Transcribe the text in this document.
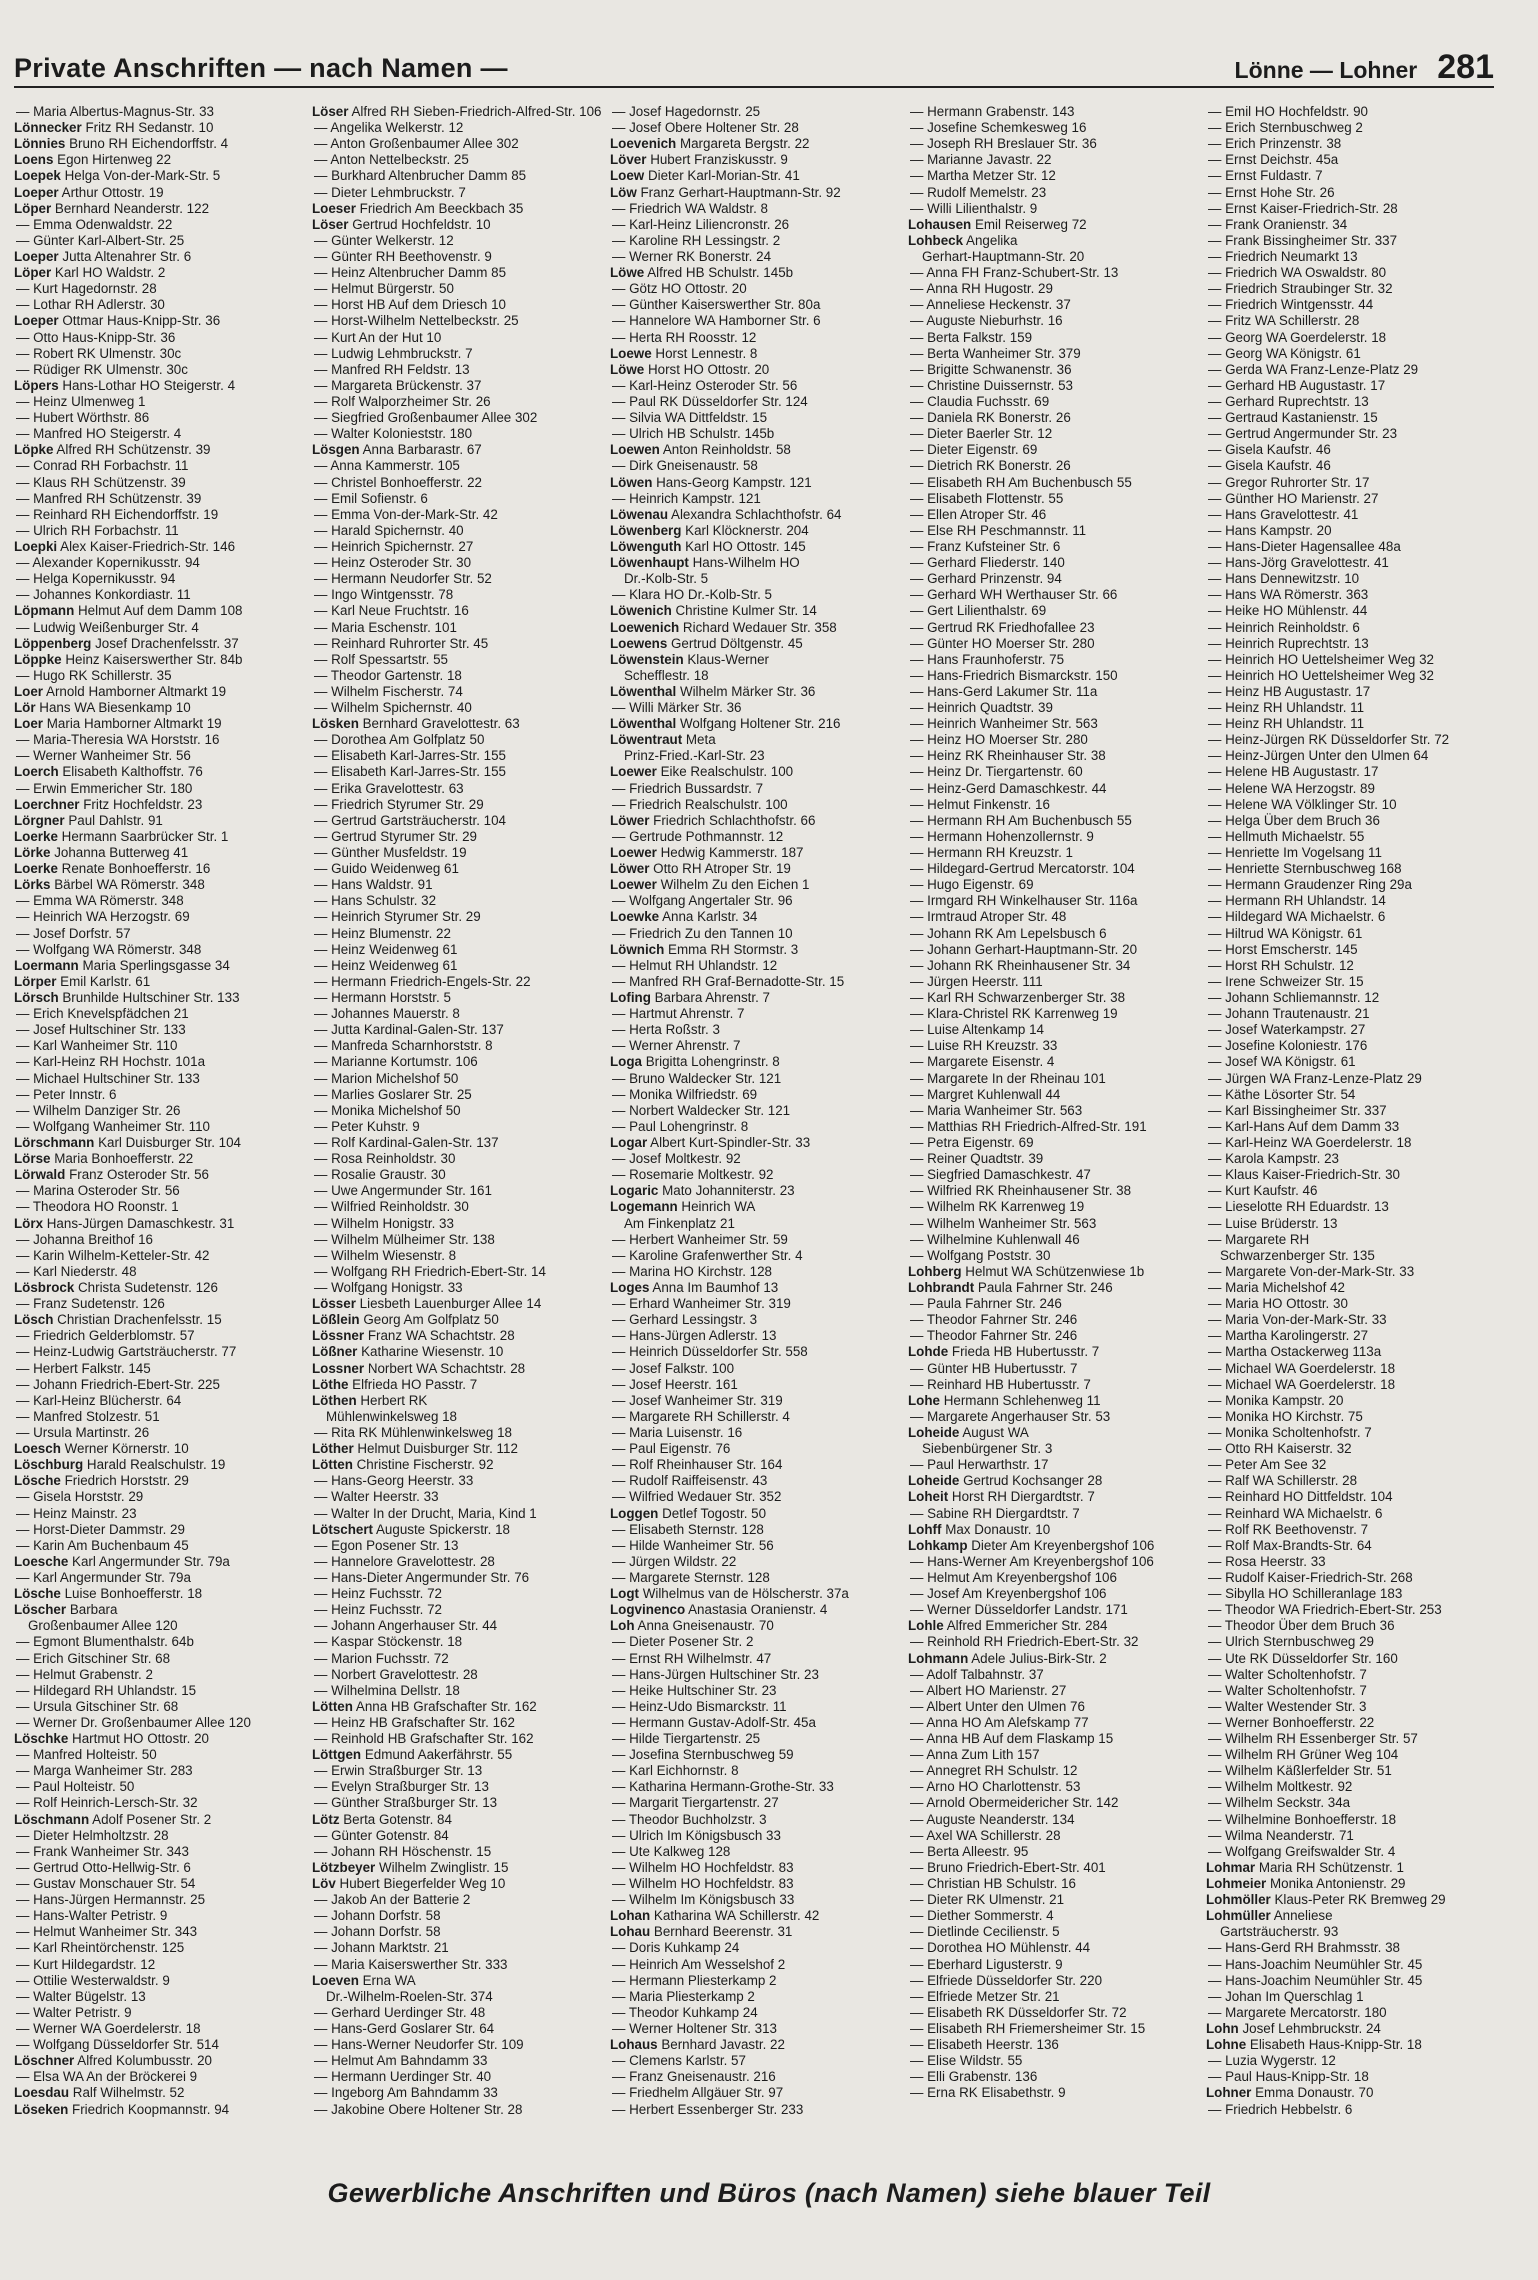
Private Anschriften — nach Namen —	Lönne — Lohner 281
— Maria Albertus-Magnus-Str. 33
Lönnecker Fritz RH Sedanstr. 10
Lönnies Bruno RH Eichendorffstr. 4
Loens Egon Hirtenweg 22
Loepek Helga Von-der-Mark-Str. 5
Loeper Arthur Ottostr. 19
Löper Bernhard Neanderstr. 122
— Emma Odenwaldstr. 22
— Günter Karl-Albert-Str. 25
Loeper Jutta Altenahrer Str. 6
Löper Karl HO Waldstr. 2
— Kurt Hagedornstr. 28
— Lothar RH Adlerstr. 30
Loeper Ottmar Haus-Knipp-Str. 36
— Otto Haus-Knipp-Str. 36
— Robert RK Ulmenstr. 30c
— Rüdiger RK Ulmenstr. 30c
Löpers Hans-Lothar HO Steigerstr. 4
— Heinz Ulmenweg 1
— Hubert Wörthstr. 86
— Manfred HO Steigerstr. 4
Löpke Alfred RH Schützenstr. 39
— Conrad RH Forbachstr. 11
— Klaus RH Schützenstr. 39
— Manfred RH Schützenstr. 39
— Reinhard RH Eichendorffstr. 19
— Ulrich RH Forbachstr. 11
Loepki Alex Kaiser-Friedrich-Str. 146
— Alexander Kopernikusstr. 94
— Helga Kopernikusstr. 94
— Johannes Konkordiastr. 11
Löpmann Helmut Auf dem Damm 108
— Ludwig Weißenburger Str. 4
Löppenberg Josef Drachenfelsstr. 37
Löppke Heinz Kaiserswerther Str. 84b
— Hugo RK Schillerstr. 35
Loer Arnold Hamborner Altmarkt 19
Lör Hans WA Biesenkamp 10
Loer Maria Hamborner Altmarkt 19
— Maria-Theresia WA Horststr. 16
— Werner Wanheimer Str. 56
Loerch Elisabeth Kalthoffstr. 76
— Erwin Emmericher Str. 180
Loerchner Fritz Hochfeldstr. 23
Lörgner Paul Dahlstr. 91
Loerke Hermann Saarbrücker Str. 1
Lörke Johanna Butterweg 41
Loerke Renate Bonhoefferstr. 16
Lörks Bärbel WA Römerstr. 348
— Emma WA Römerstr. 348
— Heinrich WA Herzogstr. 69
— Josef Dorfstr. 57
— Wolfgang WA Römerstr. 348
Loermann Maria Sperlingsgasse 34
Lörper Emil Karlstr. 61
Lörsch Brunhilde Hultschiner Str. 133
— Erich Knevelspfädchen 21
— Josef Hultschiner Str. 133
— Karl Wanheimer Str. 110
— Karl-Heinz RH Hochstr. 101a
— Michael Hultschiner Str. 133
— Peter Innstr. 6
— Wilhelm Danziger Str. 26
— Wolfgang Wanheimer Str. 110
Lörschmann Karl Duisburger Str. 104
Lörse Maria Bonhoefferstr. 22
Lörwald Franz Osteroder Str. 56
— Marina Osteroder Str. 56
— Theodora HO Roonstr. 1
Lörx Hans-Jürgen Damaschkestr. 31
— Johanna Breithof 16
— Karin Wilhelm-Ketteler-Str. 42
— Karl Niederstr. 48
Lösbrock Christa Sudetenstr. 126
— Franz Sudetenstr. 126
Lösch Christian Drachenfelsstr. 15
— Friedrich Gelderblomstr. 57
— Heinz-Ludwig Gartsträucherstr. 77
— Herbert Falkstr. 145
— Johann Friedrich-Ebert-Str. 225
— Karl-Heinz Blücherstr. 64
— Manfred Stolzestr. 51
— Ursula Martinstr. 26
Loesch Werner Körnerstr. 10
Löschburg Harald Realschulstr. 19
Lösche Friedrich Horststr. 29
— Gisela Horststr. 29
— Heinz Mainstr. 23
— Horst-Dieter Dammstr. 29
— Karin Am Buchenbaum 45
Loesche Karl Angermunder Str. 79a
— Karl Angermunder Str. 79a
Lösche Luise Bonhoefferstr. 18
Löscher Barbara
Großenbaumer Allee 120
— Egmont Blumenthalstr. 64b
— Erich Gitschiner Str. 68
— Helmut Grabenstr. 2
— Hildegard RH Uhlandstr. 15
— Ursula Gitschiner Str. 68
— Werner Dr. Großenbaumer Allee 120
Löschke Hartmut HO Ottostr. 20
— Manfred Holteistr. 50
— Marga Wanheimer Str. 283
— Paul Holteistr. 50
— Rolf Heinrich-Lersch-Str. 32
Löschmann Adolf Posener Str. 2
— Dieter Helmholtzstr. 28
— Frank Wanheimer Str. 343
— Gertrud Otto-Hellwig-Str. 6
— Gustav Monschauer Str. 54
— Hans-Jürgen Hermannstr. 25
— Hans-Walter Petristr. 9
— Helmut Wanheimer Str. 343
— Karl Rheintörchenstr. 125
— Kurt Hildegardstr. 12
— Ottilie Westerwaldstr. 9
— Walter Bügelstr. 13
— Walter Petristr. 9
— Werner WA Goerdelerstr. 18
— Wolfgang Düsseldorfer Str. 514
Löschner Alfred Kolumbusstr. 20
— Elsa WA An der Bröckerei 9
Loesdau Ralf Wilhelmstr. 52
Löseken Friedrich Koopmannstr. 94
Löser Alfred RH Sieben-Friedrich-Alfred-Str. 106
— Angelika Welkerstr. 12
— Anton Großenbaumer Allee 302
— Anton Nettelbeckstr. 25
— Burkhard Altenbrucher Damm 85
— Dieter Lehmbruckstr. 7
Loeser Friedrich Am Beeckbach 35
Löser Gertrud Hochfeldstr. 10
— Günter Welkerstr. 12
— Günter RH Beethovenstr. 9
— Heinz Altenbrucher Damm 85
— Helmut Bürgerstr. 50
— Horst HB Auf dem Driesch 10
— Horst-Wilhelm Nettelbeckstr. 25
— Kurt An der Hut 10
— Ludwig Lehmbruckstr. 7
— Manfred RH Feldstr. 13
— Margareta Brückenstr. 37
— Rolf Walporzheimer Str. 26
— Siegfried Großenbaumer Allee 302
— Walter Kolonieststr. 180
Lösgen Anna Barbarastr. 67
— Anna Kammerstr. 105
— Christel Bonhoefferstr. 22
— Emil Sofienstr. 6
— Emma Von-der-Mark-Str. 42
— Harald Spichernstr. 40
— Heinrich Spichernstr. 27
— Heinz Osteroder Str. 30
— Hermann Neudorfer Str. 52
— Ingo Wintgensstr. 78
— Karl Neue Fruchtstr. 16
— Maria Eschenstr. 101
— Reinhard Ruhrorter Str. 45
— Rolf Spessartstr. 55
— Theodor Gartenstr. 18
— Wilhelm Fischerstr. 74
— Wilhelm Spichernstr. 40
Lösken Bernhard Gravelottestr. 63
— Dorothea Am Golfplatz 50
— Elisabeth Karl-Jarres-Str. 155
— Elisabeth Karl-Jarres-Str. 155
— Erika Gravelottestr. 63
— Friedrich Styrumer Str. 29
— Gertrud Gartsträucherstr. 104
— Gertrud Styrumer Str. 29
— Günther Musfeldstr. 19
— Guido Weidenweg 61
— Hans Waldstr. 91
— Hans Schulstr. 32
— Heinrich Styrumer Str. 29
— Heinz Blumenstr. 22
— Heinz Weidenweg 61
— Heinz Weidenweg 61
— Hermann Friedrich-Engels-Str. 22
— Hermann Horststr. 5
— Johannes Mauerstr. 8
— Jutta Kardinal-Galen-Str. 137
— Manfreda Scharnhorststr. 8
— Marianne Kortumstr. 106
— Marion Michelshof 50
— Marlies Goslarer Str. 25
— Monika Michelshof 50
— Peter Kuhstr. 9
— Rolf Kardinal-Galen-Str. 137
— Rosa Reinholdstr. 30
— Rosalie Graustr. 30
— Uwe Angermunder Str. 161
— Wilfried Reinholdstr. 30
— Wilhelm Honigstr. 33
— Wilhelm Mülheimer Str. 138
— Wilhelm Wiesenstr. 8
— Wolfgang RH Friedrich-Ebert-Str. 14
— Wolfgang Honigstr. 33
Lösser Liesbeth Lauenburger Allee 14
Lößlein Georg Am Golfplatz 50
Lössner Franz WA Schachtstr. 28
Lößner Katharine Wiesenstr. 10
Lossner Norbert WA Schachtstr. 28
Löthe Elfrieda HO Passtr. 7
Löthen Herbert RK
Mühlenwinkelsweg 18
— Rita RK Mühlenwinkelsweg 18
Löther Helmut Duisburger Str. 112
Lötten Christine Fischerstr. 92
— Hans-Georg Heerstr. 33
— Walter Heerstr. 33
— Walter In der Drucht, Maria, Kind 1
Lötschert Auguste Spickerstr. 18
— Egon Posener Str. 13
— Hannelore Gravelottestr. 28
— Hans-Dieter Angermunder Str. 76
— Heinz Fuchsstr. 72
— Heinz Fuchsstr. 72
— Johann Angerhauser Str. 44
— Kaspar Stöckenstr. 18
— Marion Fuchsstr. 72
— Norbert Gravelottestr. 28
— Wilhelmina Dellstr. 18
Lötten Anna HB Grafschafter Str. 162
— Heinz HB Grafschafter Str. 162
— Reinhold HB Grafschafter Str. 162
Löttgen Edmund Aakerfährstr. 55
— Erwin Straßburger Str. 13
— Evelyn Straßburger Str. 13
— Günther Straßburger Str. 13
Lötz Berta Gotenstr. 84
— Günter Gotenstr. 84
— Johann RH Höschenstr. 15
Lötzbeyer Wilhelm Zwinglistr. 15
Löv Hubert Biegerfelder Weg 10
— Jakob An der Batterie 2
— Johann Dorfstr. 58
— Johann Dorfstr. 58
— Johann Marktstr. 21
— Maria Kaiserswerther Str. 333
Loeven Erna WA
Dr.-Wilhelm-Roelen-Str. 374
— Gerhard Uerdinger Str. 48
— Hans-Gerd Goslarer Str. 64
— Hans-Werner Neudorfer Str. 109
— Helmut Am Bahndamm 33
— Hermann Uerdinger Str. 40
— Ingeborg Am Bahndamm 33
— Jakobine Obere Holtener Str. 28
— Josef Hagedornstr. 25
— Josef Obere Holtener Str. 28
Loevenich Margareta Bergstr. 22
Löver Hubert Franziskusstr. 9
Loew Dieter Karl-Morian-Str. 41
Löw Franz Gerhart-Hauptmann-Str. 92
— Friedrich WA Waldstr. 8
— Karl-Heinz Liliencronstr. 26
— Karoline RH Lessingstr. 2
— Werner RK Bonerstr. 24
Löwe Alfred HB Schulstr. 145b
— Götz HO Ottostr. 20
— Günther Kaiserswerther Str. 80a
— Hannelore WA Hamborner Str. 6
— Herta RH Roosstr. 12
Loewe Horst Lennestr. 8
Löwe Horst HO Ottostr. 20
— Karl-Heinz Osteroder Str. 56
— Paul RK Düsseldorfer Str. 124
— Silvia WA Dittfeldstr. 15
— Ulrich HB Schulstr. 145b
Loewen Anton Reinholdstr. 58
— Dirk Gneisenaustr. 58
Löwen Hans-Georg Kampstr. 121
— Heinrich Kampstr. 121
Löwenau Alexandra Schlachthofstr. 64
Löwenberg Karl Klöcknerstr. 204
Löwenguth Karl HO Ottostr. 145
Löwenhaupt Hans-Wilhelm HO
Dr.-Kolb-Str. 5
— Klara HO Dr.-Kolb-Str. 5
Löwenich Christine Kulmer Str. 14
Loewenich Richard Wedauer Str. 358
Loewens Gertrud Döltgenstr. 45
Löwenstein Klaus-Werner
Schefflestr. 18
Löwenthal Wilhelm Märker Str. 36
— Willi Märker Str. 36
Löwenthal Wolfgang Holtener Str. 216
Löwentraut Meta
Prinz-Fried.-Karl-Str. 23
Loewer Eike Realschulstr. 100
— Friedrich Bussardstr. 7
— Friedrich Realschulstr. 100
Löwer Friedrich Schlachthofstr. 66
— Gertrude Pothmannstr. 12
Loewer Hedwig Kammerstr. 187
Löwer Otto RH Atroper Str. 19
Loewer Wilhelm Zu den Eichen 1
— Wolfgang Angertaler Str. 96
Loewke Anna Karlstr. 34
— Friedrich Zu den Tannen 10
Löwnich Emma RH Stormstr. 3
— Helmut RH Uhlandstr. 12
— Manfred RH Graf-Bernadotte-Str. 15
Lofing Barbara Ahrenstr. 7
— Hartmut Ahrenstr. 7
— Herta Roßstr. 3
— Werner Ahrenstr. 7
Loga Brigitta Lohengrinstr. 8
— Bruno Waldecker Str. 121
— Monika Wilfriedstr. 69
— Norbert Waldecker Str. 121
— Paul Lohengrinstr. 8
Logar Albert Kurt-Spindler-Str. 33
— Josef Moltkestr. 92
— Rosemarie Moltkestr. 92
Logaric Mato Johanniterstr. 23
Logemann Heinrich WA
Am Finkenplatz 21
— Herbert Wanheimer Str. 59
— Karoline Grafenwerther Str. 4
— Marina HO Kirchstr. 128
Loges Anna Im Baumhof 13
— Erhard Wanheimer Str. 319
— Gerhard Lessingstr. 3
— Hans-Jürgen Adlerstr. 13
— Heinrich Düsseldorfer Str. 558
— Josef Falkstr. 100
— Josef Heerstr. 161
— Josef Wanheimer Str. 319
— Margarete RH Schillerstr. 4
— Maria Luisenstr. 16
— Paul Eigenstr. 76
— Rolf Rheinhauser Str. 164
— Rudolf Raiffeisenstr. 43
— Wilfried Wedauer Str. 352
Loggen Detlef Togostr. 50
— Elisabeth Sternstr. 128
— Hilde Wanheimer Str. 56
— Jürgen Wildstr. 22
— Margarete Sternstr. 128
Logt Wilhelmus van de Hölscherstr. 37a
Logvinenco Anastasia Oranienstr. 4
Loh Anna Gneisenaustr. 70
— Dieter Posener Str. 2
— Ernst RH Wilhelmstr. 47
— Hans-Jürgen Hultschiner Str. 23
— Heike Hultschiner Str. 23
— Heinz-Udo Bismarckstr. 11
— Hermann Gustav-Adolf-Str. 45a
— Hilde Tiergartenstr. 25
— Josefina Sternbuschweg 59
— Karl Eichhornstr. 8
— Katharina Hermann-Grothe-Str. 33
— Margarit Tiergartenstr. 27
— Theodor Buchholzstr. 3
— Ulrich Im Königsbusch 33
— Ute Kalkweg 128
— Wilhelm HO Hochfeldstr. 83
— Wilhelm HO Hochfeldstr. 83
— Wilhelm Im Königsbusch 33
Lohan Katharina WA Schillerstr. 42
Lohau Bernhard Beerenstr. 31
— Doris Kuhkamp 24
— Heinrich Am Wesselshof 2
— Hermann Pliesterkamp 2
— Maria Pliesterkamp 2
— Theodor Kuhkamp 24
— Werner Holtener Str. 313
Lohaus Bernhard Javastr. 22
— Clemens Karlstr. 57
— Franz Gneisenaustr. 216
— Friedhelm Allgäuer Str. 97
— Herbert Essenberger Str. 233
— Hermann Grabenstr. 143
— Josefine Schemkesweg 16
— Joseph RH Breslauer Str. 36
— Marianne Javastr. 22
— Martha Metzer Str. 12
— Rudolf Memelstr. 23
— Willi Lilienthalstr. 9
Lohausen Emil Reiserweg 72
Lohbeck Angelika
Gerhart-Hauptmann-Str. 20
— Anna FH Franz-Schubert-Str. 13
— Anna RH Hugostr. 29
— Anneliese Heckenstr. 37
— Auguste Nieburhstr. 16
— Berta Falkstr. 159
— Berta Wanheimer Str. 379
— Brigitte Schwanenstr. 36
— Christine Duissernstr. 53
— Claudia Fuchsstr. 69
— Daniela RK Bonerstr. 26
— Dieter Baerler Str. 12
— Dieter Eigenstr. 69
— Dietrich RK Bonerstr. 26
— Elisabeth RH Am Buchenbusch 55
— Elisabeth Flottenstr. 55
— Ellen Atroper Str. 46
— Else RH Peschmannstr. 11
— Franz Kufsteiner Str. 6
— Gerhard Fliederstr. 140
— Gerhard Prinzenstr. 94
— Gerhard WH Werthauser Str. 66
— Gert Lilienthalstr. 69
— Gertrud RK Friedhofallee 23
— Günter HO Moerser Str. 280
— Hans Fraunhoferstr. 75
— Hans-Friedrich Bismarckstr. 150
— Hans-Gerd Lakumer Str. 11a
— Heinrich Quadtstr. 39
— Heinrich Wanheimer Str. 563
— Heinz HO Moerser Str. 280
— Heinz RK Rheinhauser Str. 38
— Heinz Dr. Tiergartenstr. 60
— Heinz-Gerd Damaschkestr. 44
— Helmut Finkenstr. 16
— Hermann RH Am Buchenbusch 55
— Hermann Hohenzollernstr. 9
— Hermann RH Kreuzstr. 1
— Hildegard-Gertrud Mercatorstr. 104
— Hugo Eigenstr. 69
— Irmgard RH Winkelhauser Str. 116a
— Irmtraud Atroper Str. 48
— Johann RK Am Lepelsbusch 6
— Johann Gerhart-Hauptmann-Str. 20
— Johann RK Rheinhausener Str. 34
— Jürgen Heerstr. 111
— Karl RH Schwarzenberger Str. 38
— Klara-Christel RK Karrenweg 19
— Luise Altenkamp 14
— Luise RH Kreuzstr. 33
— Margarete Eisenstr. 4
— Margarete In der Rheinau 101
— Margret Kuhlenwall 44
— Maria Wanheimer Str. 563
— Matthias RH Friedrich-Alfred-Str. 191
— Petra Eigenstr. 69
— Reiner Quadtstr. 39
— Siegfried Damaschkestr. 47
— Wilfried RK Rheinhausener Str. 38
— Wilhelm RK Karrenweg 19
— Wilhelm Wanheimer Str. 563
— Wilhelmine Kuhlenwall 46
— Wolfgang Poststr. 30
Lohberg Helmut WA Schützenwiese 1b
Lohbrandt Paula Fahrner Str. 246
— Paula Fahrner Str. 246
— Theodor Fahrner Str. 246
— Theodor Fahrner Str. 246
Lohde Frieda HB Hubertusstr. 7
— Günter HB Hubertusstr. 7
— Reinhard HB Hubertusstr. 7
Lohe Hermann Schlehenweg 11
— Margarete Angerhauser Str. 53
Loheide August WA
Siebenbürgener Str. 3
— Paul Herwarthstr. 17
Loheide Gertrud Kochsanger 28
Loheit Horst RH Diergardtstr. 7
— Sabine RH Diergardtstr. 7
Lohff Max Donaustr. 10
Lohkamp Dieter Am Kreyenbergshof 106
— Hans-Werner Am Kreyenbergshof 106
— Helmut Am Kreyenbergshof 106
— Josef Am Kreyenbergshof 106
— Werner Düsseldorfer Landstr. 171
Lohle Alfred Emmericher Str. 284
— Reinhold RH Friedrich-Ebert-Str. 32
Lohmann Adele Julius-Birk-Str. 2
— Adolf Talbahnstr. 37
— Albert HO Marienstr. 27
— Albert Unter den Ulmen 76
— Anna HO Am Alefskamp 77
— Anna HB Auf dem Flaskamp 15
— Anna Zum Lith 157
— Annegret RH Schulstr. 12
— Arno HO Charlottenstr. 53
— Arnold Obermeidericher Str. 142
— Auguste Neanderstr. 134
— Axel WA Schillerstr. 28
— Berta Alleestr. 95
— Bruno Friedrich-Ebert-Str. 401
— Christian HB Schulstr. 16
— Dieter RK Ulmenstr. 21
— Diether Sommerstr. 4
— Dietlinde Cecilienstr. 5
— Dorothea HO Mühlenstr. 44
— Eberhard Ligusterstr. 9
— Elfriede Düsseldorfer Str. 220
— Elfriede Metzer Str. 21
— Elisabeth RK Düsseldorfer Str. 72
— Elisabeth RH Friemersheimer Str. 15
— Elisabeth Heerstr. 136
— Elise Wildstr. 55
— Elli Grabenstr. 136
— Erna RK Elisabethstr. 9
— Emil HO Hochfeldstr. 90
— Erich Sternbuschweg 2
— Erich Prinzenstr. 38
— Ernst Deichstr. 45a
— Ernst Fuldastr. 7
— Ernst Hohe Str. 26
— Ernst Kaiser-Friedrich-Str. 28
— Frank Oranienstr. 34
— Frank Bissingheimer Str. 337
— Friedrich Neumarkt 13
— Friedrich WA Oswaldstr. 80
— Friedrich Straubinger Str. 32
— Friedrich Wintgensstr. 44
— Fritz WA Schillerstr. 28
— Georg WA Goerdelerstr. 18
— Georg WA Königstr. 61
— Gerda WA Franz-Lenze-Platz 29
— Gerhard HB Augustastr. 17
— Gerhard Ruprechtstr. 13
— Gertraud Kastanienstr. 15
— Gertrud Angermunder Str. 23
— Gisela Kaufstr. 46
— Gisela Kaufstr. 46
— Gregor Ruhrorter Str. 17
— Günther HO Marienstr. 27
— Hans Gravelottestr. 41
— Hans Kampstr. 20
— Hans-Dieter Hagensallee 48a
— Hans-Jörg Gravelottestr. 41
— Hans Dennewitzstr. 10
— Hans WA Römerstr. 363
— Heike HO Mühlenstr. 44
— Heinrich Reinholdstr. 6
— Heinrich Ruprechtstr. 13
— Heinrich HO Uettelsheimer Weg 32
— Heinrich HO Uettelsheimer Weg 32
— Heinz HB Augustastr. 17
— Heinz RH Uhlandstr. 11
— Heinz RH Uhlandstr. 11
— Heinz-Jürgen RK Düsseldorfer Str. 72
— Heinz-Jürgen Unter den Ulmen 64
— Helene HB Augustastr. 17
— Helene WA Herzogstr. 89
— Helene WA Völklinger Str. 10
— Helga Über dem Bruch 36
— Hellmuth Michaelstr. 55
— Henriette Im Vogelsang 11
— Henriette Sternbuschweg 168
— Hermann Graudenzer Ring 29a
— Hermann RH Uhlandstr. 14
— Hildegard WA Michaelstr. 6
— Hiltrud WA Königstr. 61
— Horst Emscherstr. 145
— Horst RH Schulstr. 12
— Irene Schweizer Str. 15
— Johann Schliemannstr. 12
— Johann Trautenaustr. 21
— Josef Waterkampstr. 27
— Josefine Koloniestr. 176
— Josef WA Königstr. 61
— Jürgen WA Franz-Lenze-Platz 29
— Käthe Lösorter Str. 54
— Karl Bissingheimer Str. 337
— Karl-Hans Auf dem Damm 33
— Karl-Heinz WA Goerdelerstr. 18
— Karola Kampstr. 23
— Klaus Kaiser-Friedrich-Str. 30
— Kurt Kaufstr. 46
— Lieselotte RH Eduardstr. 13
— Luise Brüderstr. 13
— Margarete RH
Schwarzenberger Str. 135
— Margarete Von-der-Mark-Str. 33
— Maria Michelshof 42
— Maria HO Ottostr. 30
— Maria Von-der-Mark-Str. 33
— Martha Karolingerstr. 27
— Martha Ostackerweg 113a
— Michael WA Goerdelerstr. 18
— Michael WA Goerdelerstr. 18
— Monika Kampstr. 20
— Monika HO Kirchstr. 75
— Monika Scholtenhofstr. 7
— Otto RH Kaiserstr. 32
— Peter Am See 32
— Ralf WA Schillerstr. 28
— Reinhard HO Dittfeldstr. 104
— Reinhard WA Michaelstr. 6
— Rolf RK Beethovenstr. 7
— Rolf Max-Brandts-Str. 64
— Rosa Heerstr. 33
— Rudolf Kaiser-Friedrich-Str. 268
— Sibylla HO Schilleranlage 183
— Theodor WA Friedrich-Ebert-Str. 253
— Theodor Über dem Bruch 36
— Ulrich Sternbuschweg 29
— Ute RK Düsseldorfer Str. 160
— Walter Scholtenhofstr. 7
— Walter Scholtenhofstr. 7
— Walter Westender Str. 3
— Werner Bonhoefferstr. 22
— Wilhelm RH Essenberger Str. 57
— Wilhelm RH Grüner Weg 104
— Wilhelm Käßlerfelder Str. 51
— Wilhelm Moltkestr. 92
— Wilhelm Seckstr. 34a
— Wilhelmine Bonhoefferstr. 18
— Wilma Neanderstr. 71
— Wolfgang Greifswalder Str. 4
Lohmar Maria RH Schützenstr. 1
Lohmeier Monika Antonienstr. 29
Lohmöller Klaus-Peter RK Bremweg 29
Lohmüller Anneliese
Gartsträucherstr. 93
— Hans-Gerd RH Brahmsstr. 38
— Hans-Joachim Neumühler Str. 45
— Hans-Joachim Neumühler Str. 45
— Johan Im Querschlag 1
— Margarete Mercatorstr. 180
Lohn Josef Lehmbruckstr. 24
Lohne Elisabeth Haus-Knipp-Str. 18
— Luzia Wygerstr. 12
— Paul Haus-Knipp-Str. 18
Lohner Emma Donaustr. 70
— Friedrich Hebbelstr. 6
Gewerbliche Anschriften und Büros (nach Namen) siehe blauer Teil
